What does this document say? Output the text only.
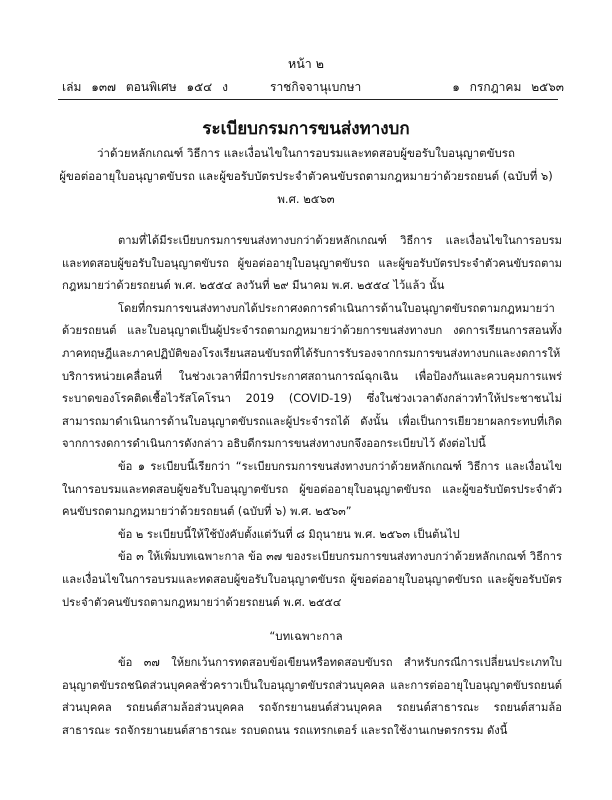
หน้า ๒
เล่ม ๑๓๗ ตอนพิเศษ ๑๕๔ ง	ราชกิจจานุเบกษา	๑ กรกฎาคม ๒๕๖๓
ระเบียบกรมการขนส่งทางบก
ว่าด้วยหลักเกณฑ์ วิธีการ และเงื่อนไขในการอบรมและทดสอบผู้ขอรับใบอนุญาตขับรถ
ผู้ขอต่ออายุใบอนุญาตขับรถ และผู้ขอรับบัตรประจำตัวคนขับรถตามกฎหมายว่าด้วยรถยนต์ (ฉบับที่ ๖)
พ.ศ. ๒๕๖๓

ตามที่ได้มีระเบียบกรมการขนส่งทางบกว่าด้วยหลักเกณฑ์ วิธีการ และเงื่อนไขในการอบรมและทดสอบผู้ขอรับใบอนุญาตขับรถ ผู้ขอต่ออายุใบอนุญาตขับรถ และผู้ขอรับบัตรประจำตัวคนขับรถตามกฎหมายว่าด้วยรถยนต์ พ.ศ. ๒๕๕๔ ลงวันที่ ๒๙ มีนาคม พ.ศ. ๒๕๕๔ ไว้แล้ว นั้น

โดยที่กรมการขนส่งทางบกได้ประกาศงดการดำเนินการด้านใบอนุญาตขับรถตามกฎหมายว่าด้วยรถยนต์ และใบอนุญาตเป็นผู้ประจำรถตามกฎหมายว่าด้วยการขนส่งทางบก งดการเรียนการสอนทั้งภาคทฤษฎีและภาคปฏิบัติของโรงเรียนสอนขับรถที่ได้รับการรับรองจากกรมการขนส่งทางบกและงดการให้บริการหน่วยเคลื่อนที่ ในช่วงเวลาที่มีการประกาศสถานการณ์ฉุกเฉิน เพื่อป้องกันและควบคุมการแพร่ระบาดของโรคติดเชื้อไวรัสโคโรนา 2019 (COVID-19) ซึ่งในช่วงเวลาดังกล่าวทำให้ประชาชนไม่สามารถมาดำเนินการด้านใบอนุญาตขับรถและผู้ประจำรถได้ ดังนั้น เพื่อเป็นการเยียวยาผลกระทบที่เกิดจากการงดการดำเนินการดังกล่าว อธิบดีกรมการขนส่งทางบกจึงออกระเบียบไว้ ดังต่อไปนี้

ข้อ ๑ ระเบียบนี้เรียกว่า “ระเบียบกรมการขนส่งทางบกว่าด้วยหลักเกณฑ์ วิธีการ และเงื่อนไขในการอบรมและทดสอบผู้ขอรับใบอนุญาตขับรถ ผู้ขอต่ออายุใบอนุญาตขับรถ และผู้ขอรับบัตรประจำตัวคนขับรถตามกฎหมายว่าด้วยรถยนต์ (ฉบับที่ ๖) พ.ศ. ๒๕๖๓”

ข้อ ๒ ระเบียบนี้ให้ใช้บังคับตั้งแต่วันที่ ๘ มิถุนายน พ.ศ. ๒๕๖๓ เป็นต้นไป

ข้อ ๓ ให้เพิ่มบทเฉพาะกาล ข้อ ๓๗ ของระเบียบกรมการขนส่งทางบกว่าด้วยหลักเกณฑ์ วิธีการ และเงื่อนไขในการอบรมและทดสอบผู้ขอรับใบอนุญาตขับรถ ผู้ขอต่ออายุใบอนุญาตขับรถ และผู้ขอรับบัตรประจำตัวคนขับรถตามกฎหมายว่าด้วยรถยนต์ พ.ศ. ๒๕๕๔

“บทเฉพาะกาล

ข้อ ๓๗ ให้ยกเว้นการทดสอบข้อเขียนหรือทดสอบขับรถ สำหรับกรณีการเปลี่ยนประเภทใบอนุญาตขับรถชนิดส่วนบุคคลชั่วคราวเป็นใบอนุญาตขับรถส่วนบุคคล และการต่ออายุใบอนุญาตขับรถยนต์ส่วนบุคคล รถยนต์สามล้อส่วนบุคคล รถจักรยานยนต์ส่วนบุคคล รถยนต์สาธารณะ รถยนต์สามล้อสาธารณะ รถจักรยานยนต์สาธารณะ รถบดถนน รถแทรกเตอร์ และรถใช้งานเกษตรกรรม ดังนี้
